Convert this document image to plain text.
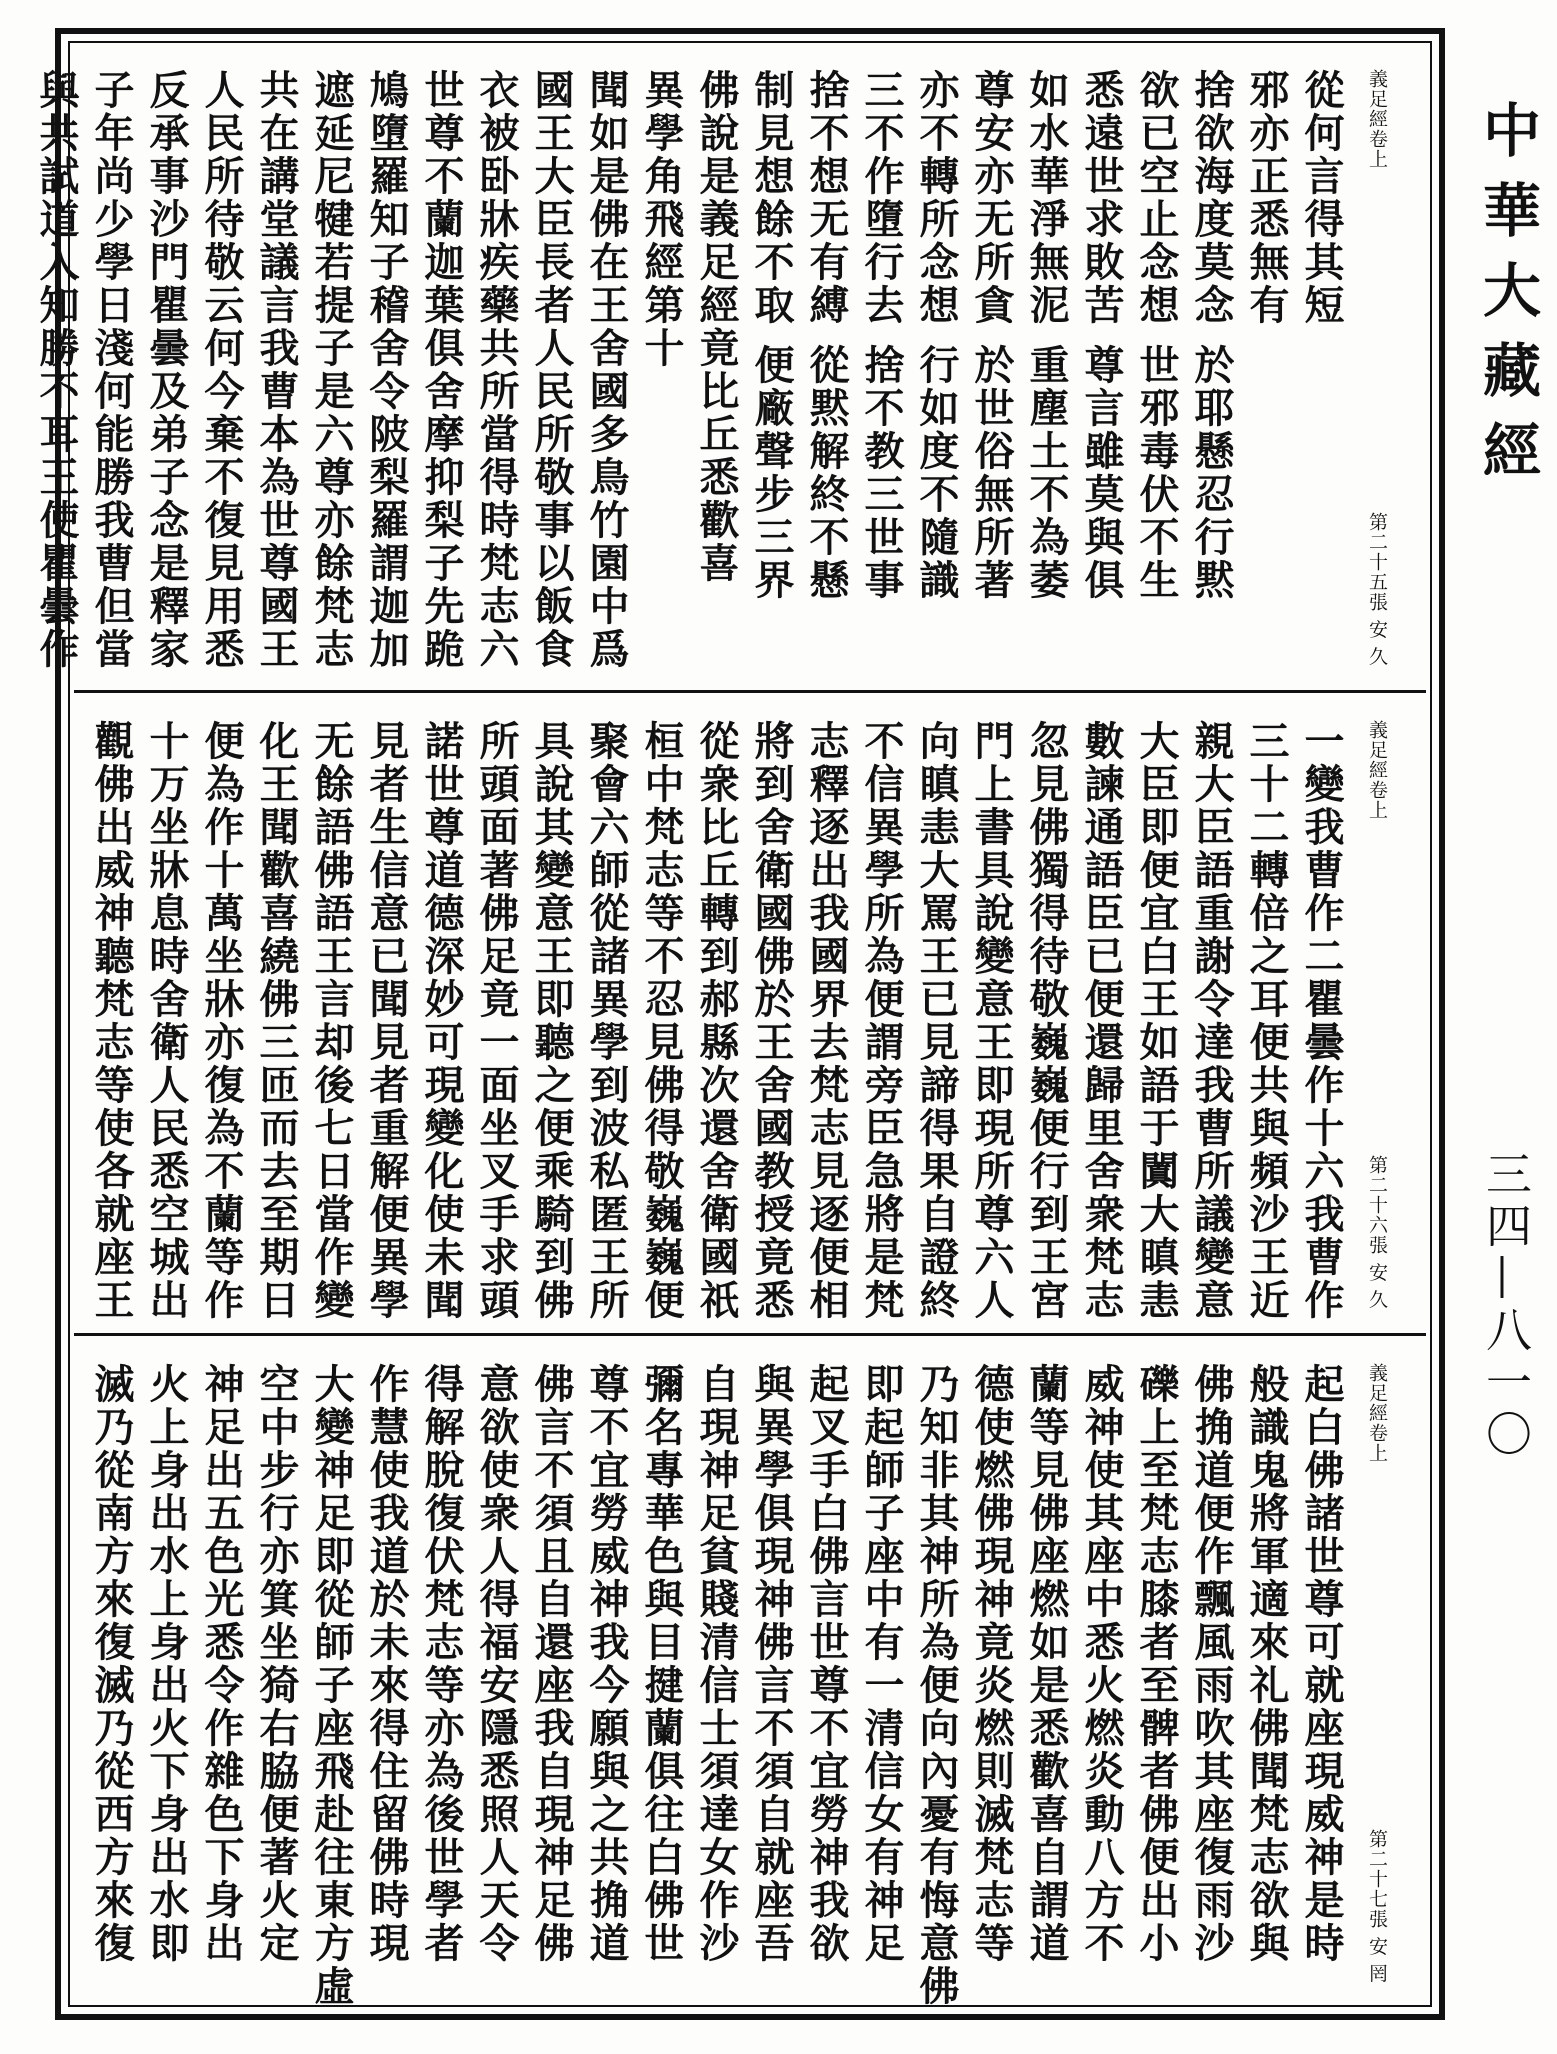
中華大藏經
三四—八一〇
義足經卷上
第二十五張 安 久
從何言得其短
邪亦正悉無有
捨欲海度莫念 於耶懸忍行黙
欲已空止念想 世邪毒伏不生
悉遠世求敗苦 尊言雖莫與俱
如水華淨無泥 重塵土不為萎
尊安亦无所貪 於世俗無所著
亦不轉所念想 行如度不隨識
三不作墮行去 捨不教三世事
捨不想无有縛 從黙解終不懸
制見想餘不取 便廠聲步三界
佛說是義足經竟比丘悉歡喜
異學角飛經第十
聞如是佛在王舍國多鳥竹園中爲
國王大臣長者人民所敬事以飯食
衣被卧牀疾藥共所當得時梵志六
世尊不蘭迦葉俱舍摩抑梨子先跪
鳩墮羅知子稽舍令陂梨羅謂迦加
遮延尼犍若提子是六尊亦餘梵志
共在講堂議言我曹本為世尊國王
人民所待敬云何今棄不復見用悉
反承事沙門瞿曇及弟子念是釋家
子年尚少學日淺何能勝我曹但當
與共試道入知勝不耳王使瞿曇作
義足經卷上
第二十六張 安 久
一變我曹作二瞿曇作十六我曹作
三十二轉倍之耳便共與頻沙王近
親大臣語重謝令達我曹所議變意
大臣即便宜白王如語于闐大瞋恚
數諫通語臣已便還歸里舍衆梵志
忽見佛獨得待敬巍巍便行到王宮
門上書具說變意王即現所尊六人
向瞋恚大罵王已見諦得果自證終
不信異學所為便謂旁臣急將是梵
志釋逐出我國界去梵志見逐便相
將到舍衛國佛於王舍國教授竟悉
從衆比丘轉到郝縣次還舍衛國祇
桓中梵志等不忍見佛得敬巍巍便
聚會六師從諸異學到波私匿王所
具說其變意王即聽之便乘騎到佛
所頭面著佛足竟一面坐叉手求頭
諾世尊道德深妙可現變化使未聞
見者生信意已聞見者重解便異學
无餘語佛語王言却後七日當作變
化王聞歡喜繞佛三匝而去至期日
便為作十萬坐牀亦復為不蘭等作
十万坐牀息時舍衛人民悉空城出
觀佛出威神聽梵志等使各就座王
義足經卷上
第二十七張 安 罔
起白佛諸世尊可就座現威神是時
般識鬼將軍適來礼佛聞梵志欲與
佛捔道便作飄風雨吹其座復雨沙
礫上至梵志膝者至髀者佛便出小
威神使其座中悉火燃炎動八方不
蘭等見佛座燃如是悉歡喜自謂道
德使燃佛現神竟炎燃則滅梵志等
乃知非其神所為便向內憂有悔意佛
即起師子座中有一清信女有神足
起叉手白佛言世尊不宜勞神我欲
與異學俱現神佛言不須自就座吾
自現神足貧賤清信士須達女作沙
彌名專華色與目揵蘭俱往白佛世
尊不宜勞威神我今願與之共捔道
佛言不須且自還座我自現神足佛
意欲使衆人得福安隱悉照人天令
得解脫復伏梵志等亦為後世學者
作慧使我道於未來得住留佛時現
大變神足即從師子座飛赴往東方虛
空中步行亦箕坐猗右脇便著火定
神足出五色光悉令作雜色下身出
火上身出水上身出火下身出水即
滅乃從南方來復滅乃從西方來復
